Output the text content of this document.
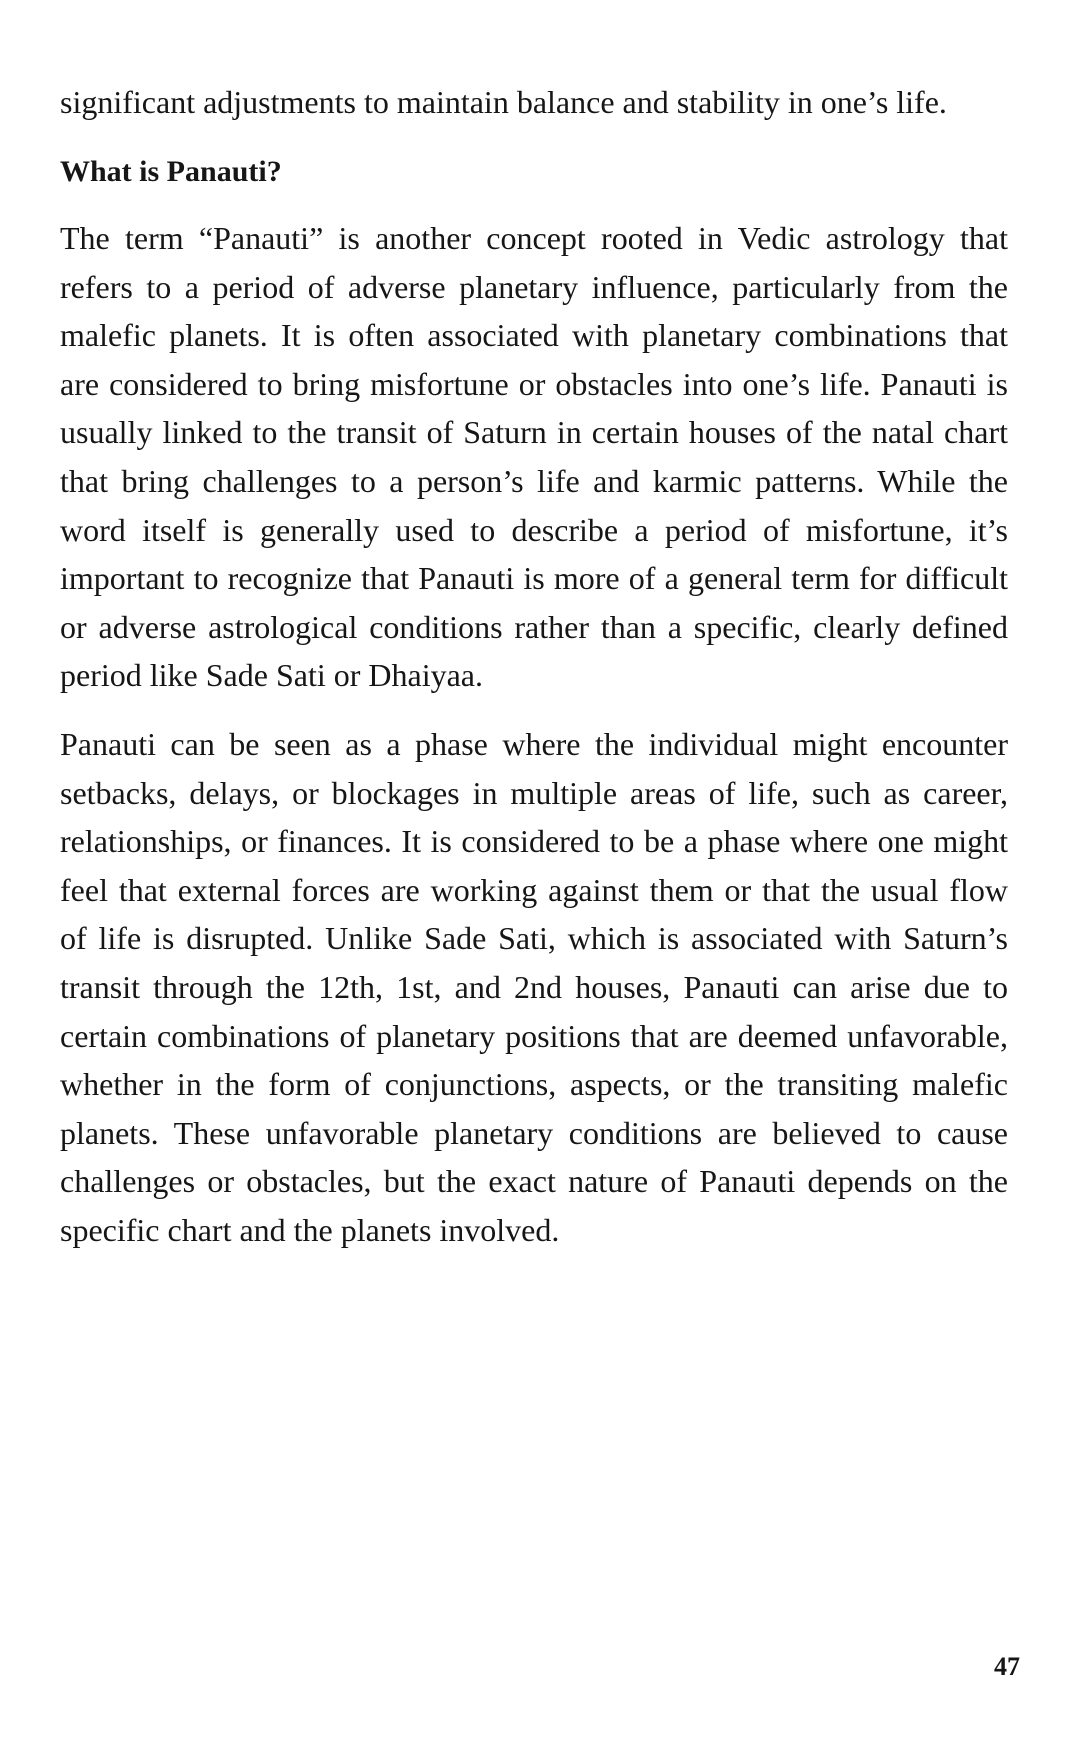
significant adjustments to maintain balance and stability in one’s life.

What is Panauti?

The term “Panauti” is another concept rooted in Vedic astrology that refers to a period of adverse planetary influence, particularly from the malefic planets. It is often associated with planetary combinations that are considered to bring misfortune or obstacles into one’s life. Panauti is usually linked to the transit of Saturn in certain houses of the natal chart that bring challenges to a person’s life and karmic patterns. While the word itself is generally used to describe a period of misfortune, it’s important to recognize that Panauti is more of a general term for difficult or adverse astrological conditions rather than a specific, clearly defined period like Sade Sati or Dhaiyaa.

Panauti can be seen as a phase where the individual might encounter setbacks, delays, or blockages in multiple areas of life, such as career, relationships, or finances. It is considered to be a phase where one might feel that external forces are working against them or that the usual flow of life is disrupted. Unlike Sade Sati, which is associated with Saturn’s transit through the 12th, 1st, and 2nd houses, Panauti can arise due to certain combinations of planetary positions that are deemed unfavorable, whether in the form of conjunctions, aspects, or the transiting malefic planets. These unfavorable planetary conditions are believed to cause challenges or obstacles, but the exact nature of Panauti depends on the specific chart and the planets involved.

47
